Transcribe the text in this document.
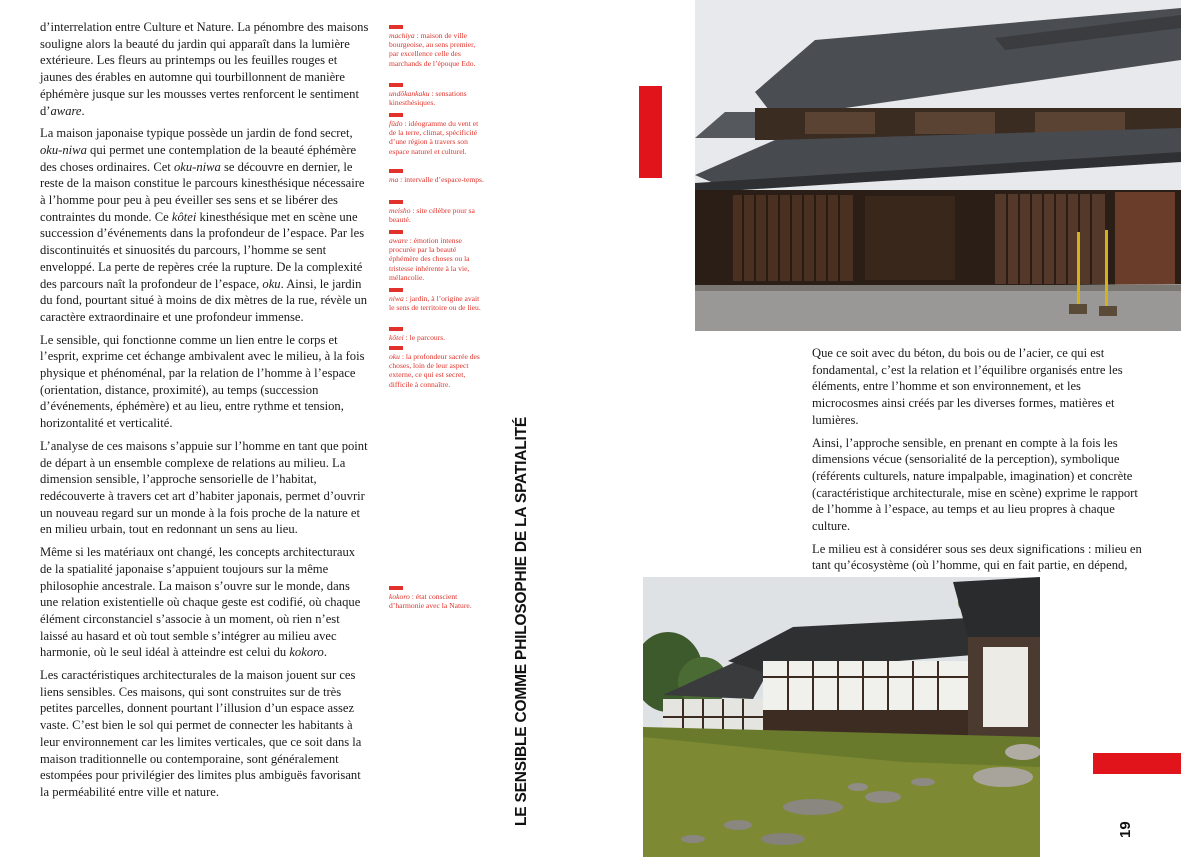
d’interrelation entre Culture et Nature. La pénombre des maisons souligne alors la beauté du jardin qui apparaît dans la lumière extérieure. Les fleurs au printemps ou les feuilles rouges et jaunes des érables en automne qui tourbillonnent de manière éphémère jusque sur les mousses vertes renforcent le sentiment d’aware.

La maison japonaise typique possède un jardin de fond secret, oku-niwa qui permet une contemplation de la beauté éphémère des choses ordinaires. Cet oku-niwa se découvre en dernier, le reste de la maison constitue le parcours kinesthésique nécessaire à l’homme pour peu à peu éveiller ses sens et se libérer des contraintes du monde. Ce kôtei kinesthésique met en scène une succession d’événements dans la profondeur de l’espace. Par les discontinuités et sinuosités du parcours, l’homme se sent enveloppé. La perte de repères crée la rupture. De la complexité des parcours naît la profondeur de l’espace, oku. Ainsi, le jardin du fond, pourtant situé à moins de dix mètres de la rue, révèle un caractère extraordinaire et une profondeur immense.

Le sensible, qui fonctionne comme un lien entre le corps et l’esprit, exprime cet échange ambivalent avec le milieu, à la fois physique et phénoménal, par la relation de l’homme à l’espace (orientation, distance, proximité), au temps (succession d’événements, éphémère) et au lieu, entre rythme et tension, horizontalité et verticalité.

L’analyse de ces maisons s’appuie sur l’homme en tant que point de départ à un ensemble complexe de relations au milieu. La dimension sensible, l’approche sensorielle de l’habitat, redécouverte à travers cet art d’habiter japonais, permet d’ouvrir un nouveau regard sur un monde à la fois proche de la nature et en milieu urbain, tout en redonnant un sens au lieu.

Même si les matériaux ont changé, les concepts architecturaux de la spatialité japonaise s’appuient toujours sur la même philosophie ancestrale. La maison s’ouvre sur le monde, dans une relation existentielle où chaque geste est codifié, où chaque élément circonstanciel s’associe à un moment, où rien n’est laissé au hasard et où tout semble s’intégrer au milieu avec harmonie, où le seul idéal à atteindre est celui du kokoro.

Les caractéristiques architecturales de la maison jouent sur ces liens sensibles. Ces maisons, qui sont construites sur de très petites parcelles, donnent pourtant l’illusion d’un espace assez vaste. C’est bien le sol qui permet de connecter les habitants à leur environnement car les limites verticales, que ce soit dans la maison traditionnelle ou contemporaine, sont généralement estompées pour privilégier des limites plus ambiguës favorisant la perméabilité entre ville et nature.

machiya : maison de ville bourgeoise, au sens premier, par excellence celle des marchands de l’époque Edo.

undôkankaku : sensations kinesthésiques.

fûdo : idéogramme du vent et de la terre, climat, spécificité d’une région à travers son espace naturel et culturel.

ma : intervalle d’espace-temps.

meisho : site célèbre pour sa beauté.

aware : émotion intense procurée par la beauté éphémère des choses ou la tristesse inhérente à la vie, mélancolie.

niwa : jardin, à l’origine avait le sens de territoire ou de lieu.

kôtei : le parcours.

oku : la profondeur sacrée des choses, loin de leur aspect externe, ce qui est secret, difficile à connaître.

kokoro : état conscient d’harmonie avec la Nature.	LE SENSIBLE COMME PHILOSOPHIE DE LA SPATIALITÉ
19

Que ce soit avec du béton, du bois ou de l’acier, ce qui est fondamental, c’est la relation et l’équilibre organisés entre les éléments, entre l’homme et son environnement, et les microcosmes ainsi créés par les diverses formes, matières et lumières.

Ainsi, l’approche sensible, en prenant en compte à la fois les dimensions vécue (sensorialité de la perception), symbolique (référents culturels, nature impalpable, imagination) et concrète (caractéristique architecturale, mise en scène) exprime le rapport de l’homme à l’espace, au temps et au lieu propres à chaque culture.

Le milieu est à considérer sous ses deux significations : milieu en tant qu’écosystème (où l’homme, qui en fait partie, en dépend,
